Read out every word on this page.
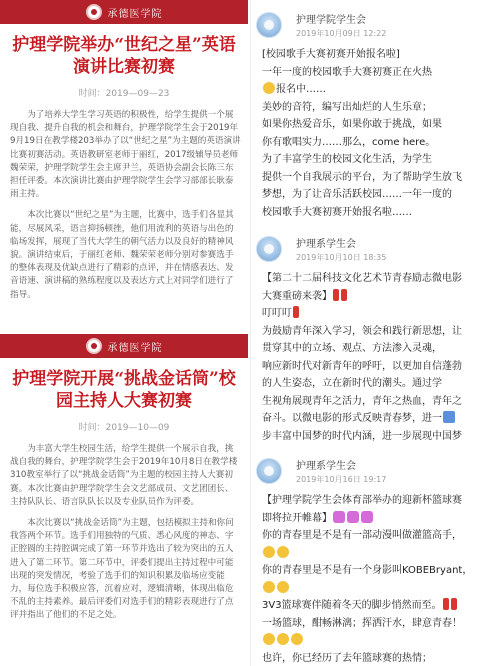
承德医学院
护理学院举办“世纪之星”英语演讲比赛初赛
时间：2019—09—23

为了培养大学生学习英语的积极性，给学生提供一个展现自我、提升自我的机会和舞台，护理学院学生会于2019年9月19日在教学楼203举办了以“世纪之星”为主题的英语演讲比赛初赛活动。英语教研室老师于丽红，2017级辅导员老师魏荣荣，护理学院学生会主席尹兰，英语协会副会长陈三东担任评委。本次演讲比赛由护理学院学生会学习部部长耿泰雨主持。

本次比赛以“世纪之星”为主题，比赛中，选手们各显其能，尽展风采，语言抑扬顿挫，他们用流利的英语与出色的临场发挥，展现了当代大学生的朝气活力以及良好的精神风貌。演讲结束后，于丽红老师、魏荣荣老师分别对参赛选手的整体表现及优缺点进行了精彩的点评，并在情感表达、发音语速、演讲稿的熟练程度以及表达方式上对同学们进行了指导。

承德医学院
护理学院开展“挑战金话筒”校园主持人大赛初赛
时间：2019—10—09

为丰富大学生校园生活，给学生提供一个展示自我，挑战自我的舞台，护理学院学生会于2019年10月8日在教学楼310教室举行了以“挑战金话筒”为主题的校园主持人大赛初赛。本次比赛由护理学院学生会文艺部成员、文艺团团长、主持队队长、语言队队长以及专业队员作为评委。

本次比赛以“挑战金话筒”为主题，包括模拟主持和你问我答两个环节。选手们用独特的气质、悉心风度的神态、字正腔圆的主持腔调完成了第一环节并选出了较为突出的五人进入了第二环节。第二环节中，评委们提出主持过程中可能出现的突发情况，考验了选手们的知识积累及临场应变能力，每位选手积极应答，沉着应对，逻辑清晰，体现出临危不乱的主持素养。最后评委们对选手们的精彩表现进行了点评并指出了他们的不足之处。

护理学院学生会
2019年10月09日 12:22
[校园歌手大赛初赛开始报名啦]
一年一度的校园歌手大赛初赛正在火热
报名中……
美妙的音符，编写出灿烂的人生乐章；
如果你热爱音乐，如果你敢于挑战，如果
你有歌唱实力……那么，come here。
为了丰富学生的校园文化生活，为学生
提供一个自我展示的平台，为了帮助学生放飞
梦想，为了让音乐活跃校园……一年一度的
校园歌手大赛初赛开始报名啦……
护理系学生会
2019年10月10日 18:35
【第二十二届科技文化艺术节青春励志微电影
大赛重磅来袭】
叮叮叮
为鼓励青年深入学习，领会和践行新思想，让
贯穿其中的立场、观点、方法渗入灵魂，
响应新时代对新青年的呼吁，以更加自信蓬勃
的人生姿态，立在新时代的潮头。通过学
生视角展现青年之活力，青年之热血，青年之
奋斗。以微电影的形式反映青春梦，进一
步丰富中国梦的时代内涵，进一步展现中国梦
护理系学生会
2019年10月16日 19:17
【护理学院学生会体育部举办的迎新杯篮球赛
即将拉开帷幕】
你的青春里是不是有一部动漫叫做灌篮高手，
你的青春里是不是有一个身影叫KOBEBryant，
3V3篮球赛伴随着冬天的脚步悄然而至。
一场篮球，酣畅淋漓；挥洒汗水，肆意青春！
也许，你已经历了去年篮球赛的热情；
